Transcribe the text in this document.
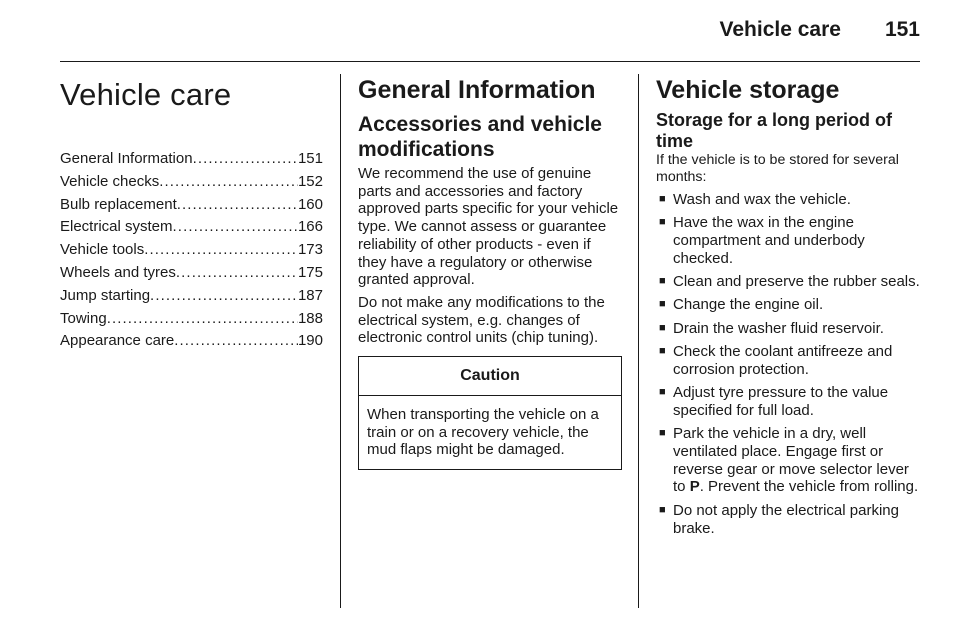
Vehicle care 151
Vehicle care
General Information .....	151
Vehicle checks .....	152
Bulb replacement .....	160
Electrical system .....	166
Vehicle tools .....	173
Wheels and tyres .....	175
Jump starting .....	187
Towing .....	188
Appearance care .....	190
General Information
Accessories and vehicle modifications

We recommend the use of genuine parts and accessories and factory approved parts specific for your vehicle type. We cannot assess or guarantee reliability of other products - even if they have a regulatory or otherwise granted approval.

Do not make any modifications to the electrical system, e.g. changes of electronic control units (chip tuning).

Caution
When transporting the vehicle on a train or on a recovery vehicle, the mud flaps might be damaged.
Vehicle storage
Storage for a long period of time

If the vehicle is to be stored for several months:

■ Wash and wax the vehicle.
■ Have the wax in the engine compartment and underbody checked.
■ Clean and preserve the rubber seals.
■ Change the engine oil.
■ Drain the washer fluid reservoir.
■ Check the coolant antifreeze and corrosion protection.
■ Adjust tyre pressure to the value specified for full load.
■ Park the vehicle in a dry, well ventilated place. Engage first or reverse gear or move selector lever to P. Prevent the vehicle from rolling.
■ Do not apply the electrical parking brake.
